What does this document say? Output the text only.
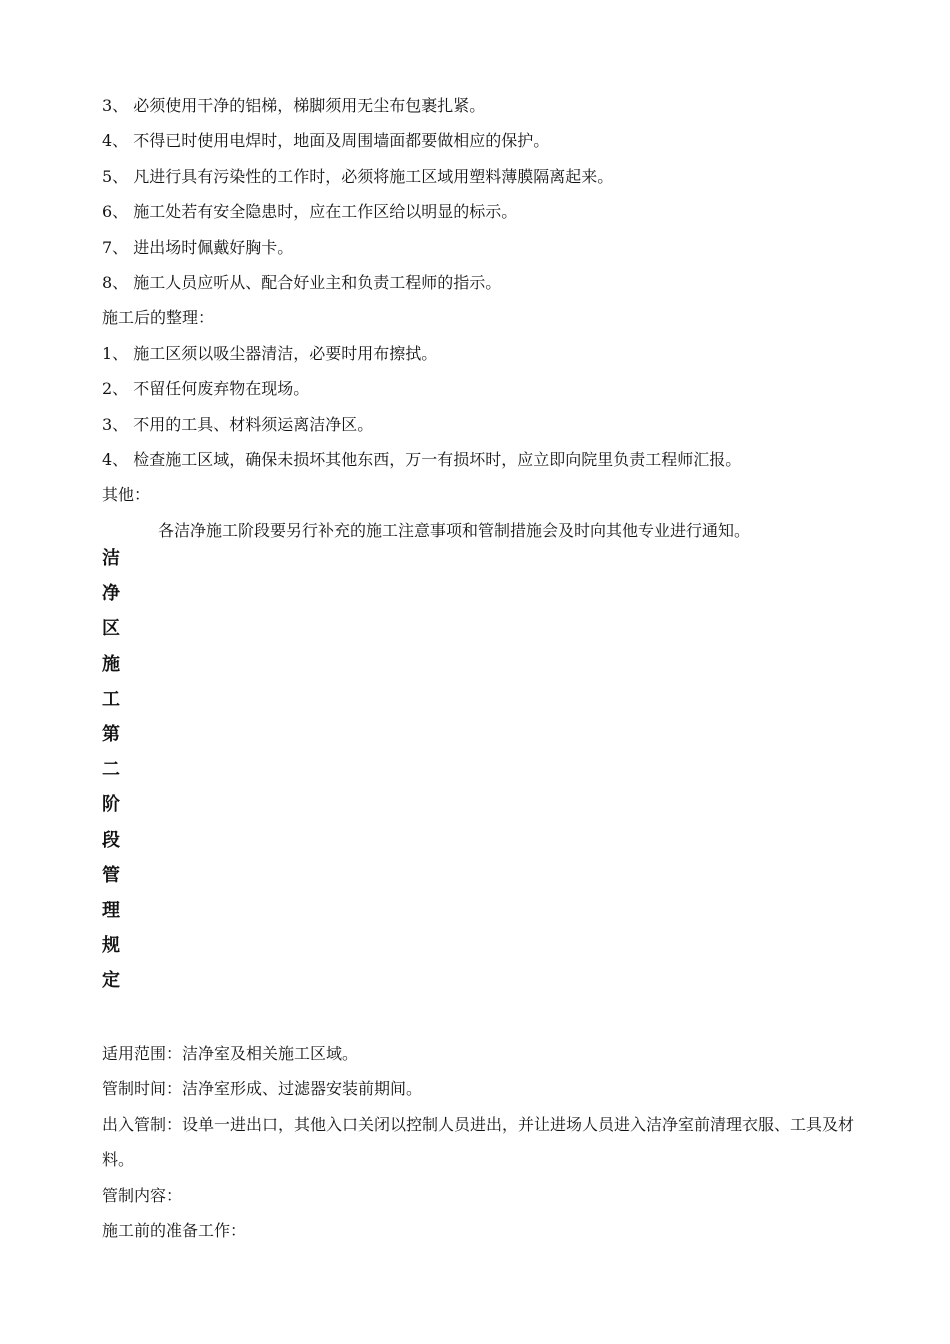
3、 必须使用干净的铝梯，梯脚须用无尘布包裹扎紧。
4、 不得已时使用电焊时，地面及周围墙面都要做相应的保护。
5、 凡进行具有污染性的工作时，必须将施工区域用塑料薄膜隔离起来。
6、 施工处若有安全隐患时，应在工作区给以明显的标示。
7、 进出场时佩戴好胸卡。
8、 施工人员应听从、配合好业主和负责工程师的指示。
施工后的整理：
1、 施工区须以吸尘器清洁，必要时用布擦拭。
2、 不留任何废弃物在现场。
3、 不用的工具、材料须运离洁净区。
4、 检查施工区域，确保未损坏其他东西，万一有损坏时，应立即向院里负责工程师汇报。
其他：
各洁净施工阶段要另行补充的施工注意事项和管制措施会及时向其他专业进行通知。
洁
净
区
施
工
第
二
阶
段
管
理
规
定
适用范围：洁净室及相关施工区域。
管制时间：洁净室形成、过滤器安装前期间。
出入管制：设单一进出口，其他入口关闭以控制人员进出，并让进场人员进入洁净室前清理衣服、工具及材料。
管制内容：
施工前的准备工作：
